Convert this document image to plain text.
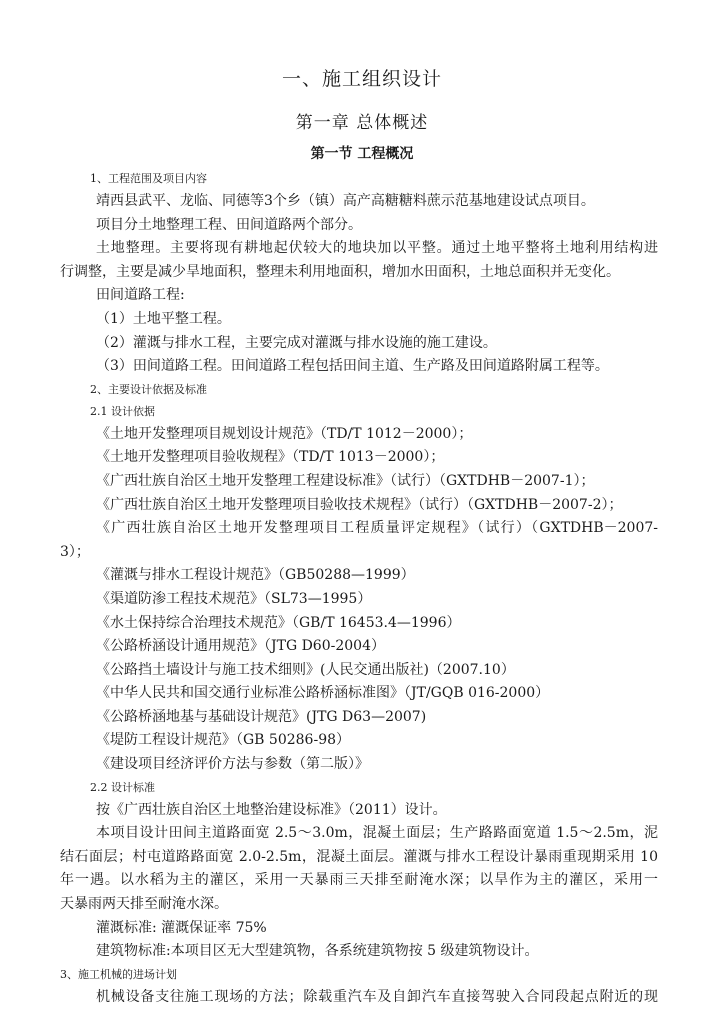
一、施工组织设计
第一章 总体概述
第一节 工程概况

1、工程范围及项目内容

靖西县武平、龙临、同德等3个乡（镇）高产高糖糖料蔗示范基地建设试点项目。

项目分土地整理工程、田间道路两个部分。

土地整理。主要将现有耕地起伏较大的地块加以平整。通过土地平整将土地利用结构进

行调整，主要是减少旱地面积，整理未利用地面积，增加水田面积，土地总面积并无变化。

田间道路工程:

（1）土地平整工程。

（2）灌溉与排水工程，主要完成对灌溉与排水设施的施工建设。

（3）田间道路工程。田间道路工程包括田间主道、生产路及田间道路附属工程等。

2、主要设计依据及标准

2.1 设计依据

《土地开发整理项目规划设计规范》（TD/T 1012－2000）；

《土地开发整理项目验收规程》（TD/T 1013－2000）；

《广西壮族自治区土地开发整理工程建设标准》（试行）（GXTDHB－2007-1）；

《广西壮族自治区土地开发整理项目验收技术规程》（试行）（GXTDHB－2007-2）；

《广西壮族自治区土地开发整理项目工程质量评定规程》（试行）（GXTDHB－2007-

3）；

《灌溉与排水工程设计规范》（GB50288—1999）

《渠道防渗工程技术规范》（SL73—1995）

《水土保持综合治理技术规范》（GB/T 16453.4—1996）

《公路桥涵设计通用规范》（JTG D60-2004）

《公路挡土墙设计与施工技术细则》(人民交通出版社)（2007.10）

《中华人民共和国交通行业标准公路桥涵标准图》（JT/GQB 016-2000）

《公路桥涵地基与基础设计规范》(JTG D63—2007)

《堤防工程设计规范》（GB 50286-98）

《建设项目经济评价方法与参数（第二版）》

2.2 设计标准

按《广西壮族自治区土地整治建设标准》（2011）设计。

本项目设计田间主道路面宽 2.5～3.0m，混凝土面层；生产路路面宽道 1.5～2.5m，泥

结石面层；村屯道路路面宽 2.0-2.5m，混凝土面层。灌溉与排水工程设计暴雨重现期采用 10

年一遇。以水稻为主的灌区，采用一天暴雨三天排至耐淹水深；以旱作为主的灌区，采用一

天暴雨两天排至耐淹水深。

灌溉标准: 灌溉保证率 75%

建筑物标准:本项目区无大型建筑物，各系统建筑物按 5 级建筑物设计。

3、施工机械的进场计划

机械设备支往施工现场的方法；除载重汽车及自卸汽车直接驾驶入合同段起点附近的现
